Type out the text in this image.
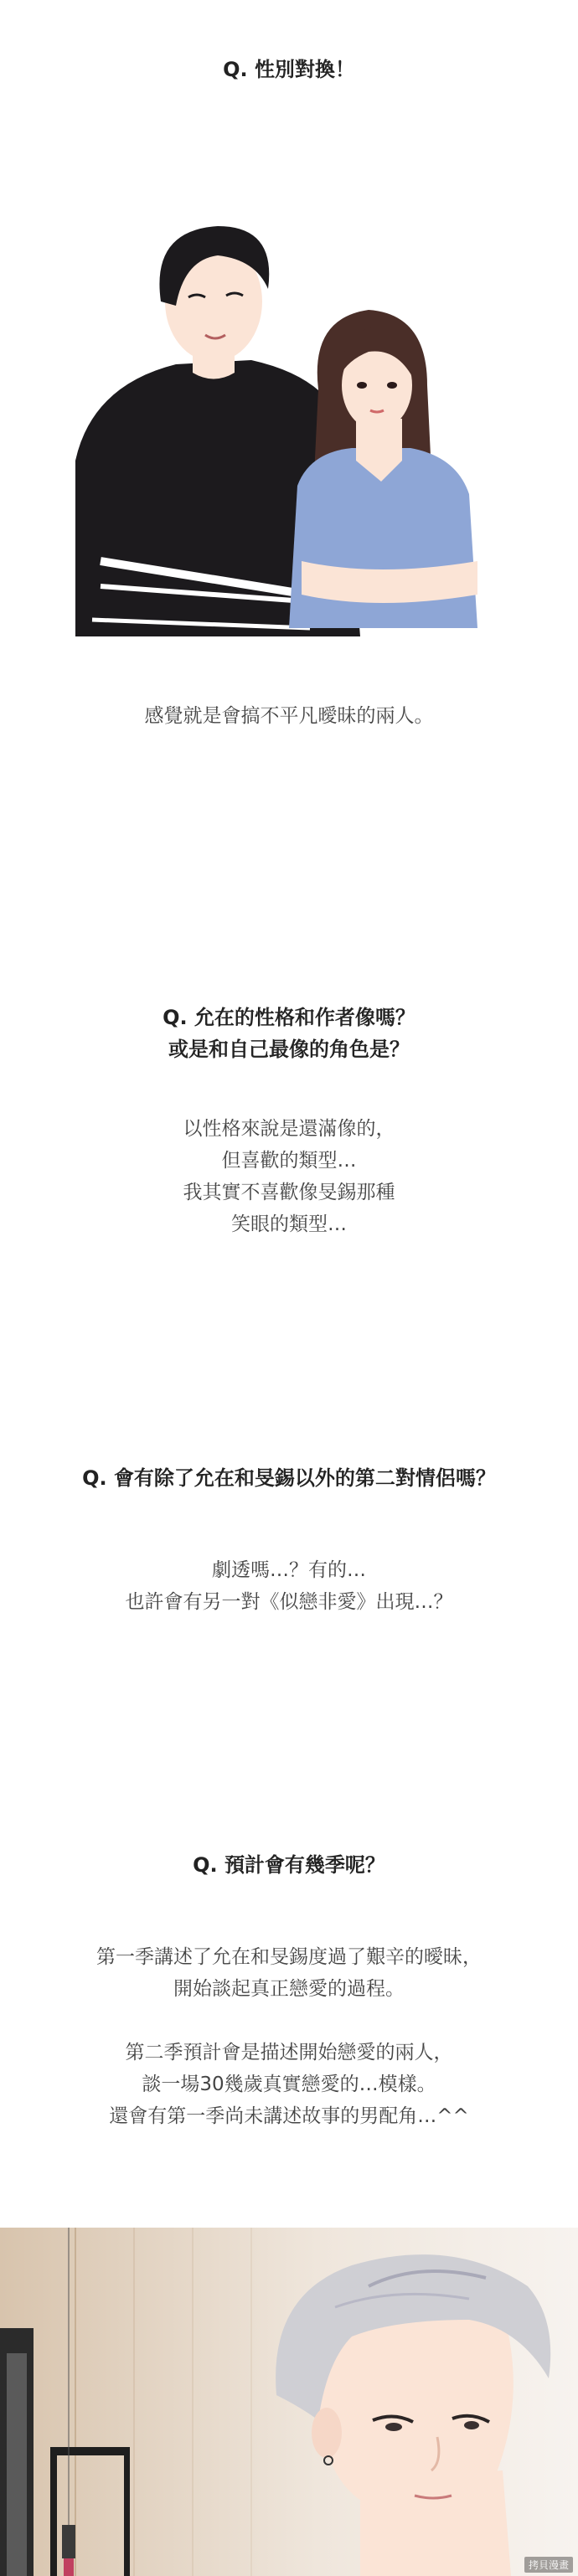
Q. 性別對換！
感覺就是會搞不平凡曖昧的兩人。
Q. 允在的性格和作者像嗎？
或是和自己最像的角色是？
以性格來說是還滿像的，
但喜歡的類型…
我其實不喜歡像旻錫那種
笑眼的類型…
Q. 會有除了允在和旻錫以外的第二對情侶嗎？
劇透嗎…？有的…
也許會有另一對《似戀非愛》出現…？
Q. 預計會有幾季呢？
第一季講述了允在和旻錫度過了艱辛的曖昧，
開始談起真正戀愛的過程。
第二季預計會是描述開始戀愛的兩人，
談一場30幾歲真實戀愛的…模樣。
還會有第一季尚未講述故事的男配角…^^
拷貝漫畫
